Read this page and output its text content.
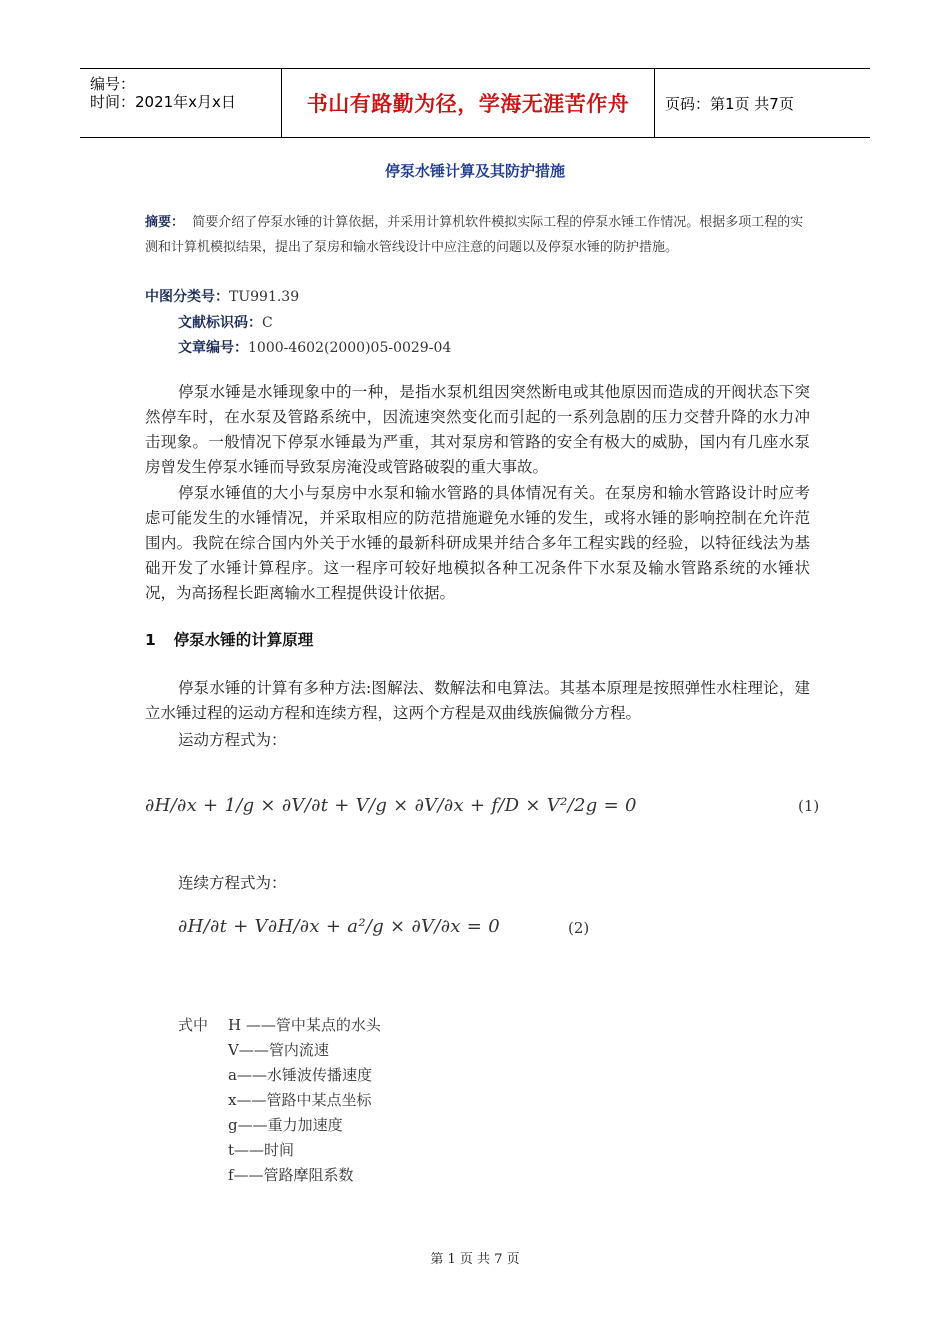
编号：
时间：2021年x月x日	书山有路勤为径，学海无涯苦作舟 页码：第1页 共7页
停泵水锤计算及其防护措施
摘要： 简要介绍了停泵水锤的计算依据，并采用计算机软件模拟实际工程的停泵水锤工作情况。根据多项工程的实测和计算机模拟结果，提出了泵房和输水管线设计中应注意的问题以及停泵水锤的防护措施。
中图分类号：TU991.39
文献标识码：C
文章编号：1000-4602(2000)05-0029-04
停泵水锤是水锤现象中的一种，是指水泵机组因突然断电或其他原因而造成的开阀状态下突然停车时，在水泵及管路系统中，因流速突然变化而引起的一系列急剧的压力交替升降的水力冲击现象。一般情况下停泵水锤最为严重，其对泵房和管路的安全有极大的威胁，国内有几座水泵房曾发生停泵水锤而导致泵房淹没或管路破裂的重大事故。
停泵水锤值的大小与泵房中水泵和输水管路的具体情况有关。在泵房和输水管路设计时应考虑可能发生的水锤情况，并采取相应的防范措施避免水锤的发生，或将水锤的影响控制在允许范围内。我院在综合国内外关于水锤的最新科研成果并结合多年工程实践的经验，以特征线法为基础开发了水锤计算程序。这一程序可较好地模拟各种工况条件下水泵及输水管路系统的水锤状况，为高扬程长距离输水工程提供设计依据。
1 停泵水锤的计算原理
停泵水锤的计算有多种方法:图解法、数解法和电算法。其基本原理是按照弹性水柱理论，建立水锤过程的运动方程和连续方程，这两个方程是双曲线族偏微分方程。
运动方程式为：
∂H/∂x + 1/g × ∂V/∂t + V/g × ∂V/∂x + f/D × V²/2g = 0	(1)
连续方程式为：
∂H/∂t + V∂H/∂x + a²/g × ∂V/∂x = 0	(2)
式中 H ——管中某点的水头
V——管内流速
a——水锤波传播速度
x——管路中某点坐标
g——重力加速度
t——时间
f——管路摩阻系数
第 1 页 共 7 页
